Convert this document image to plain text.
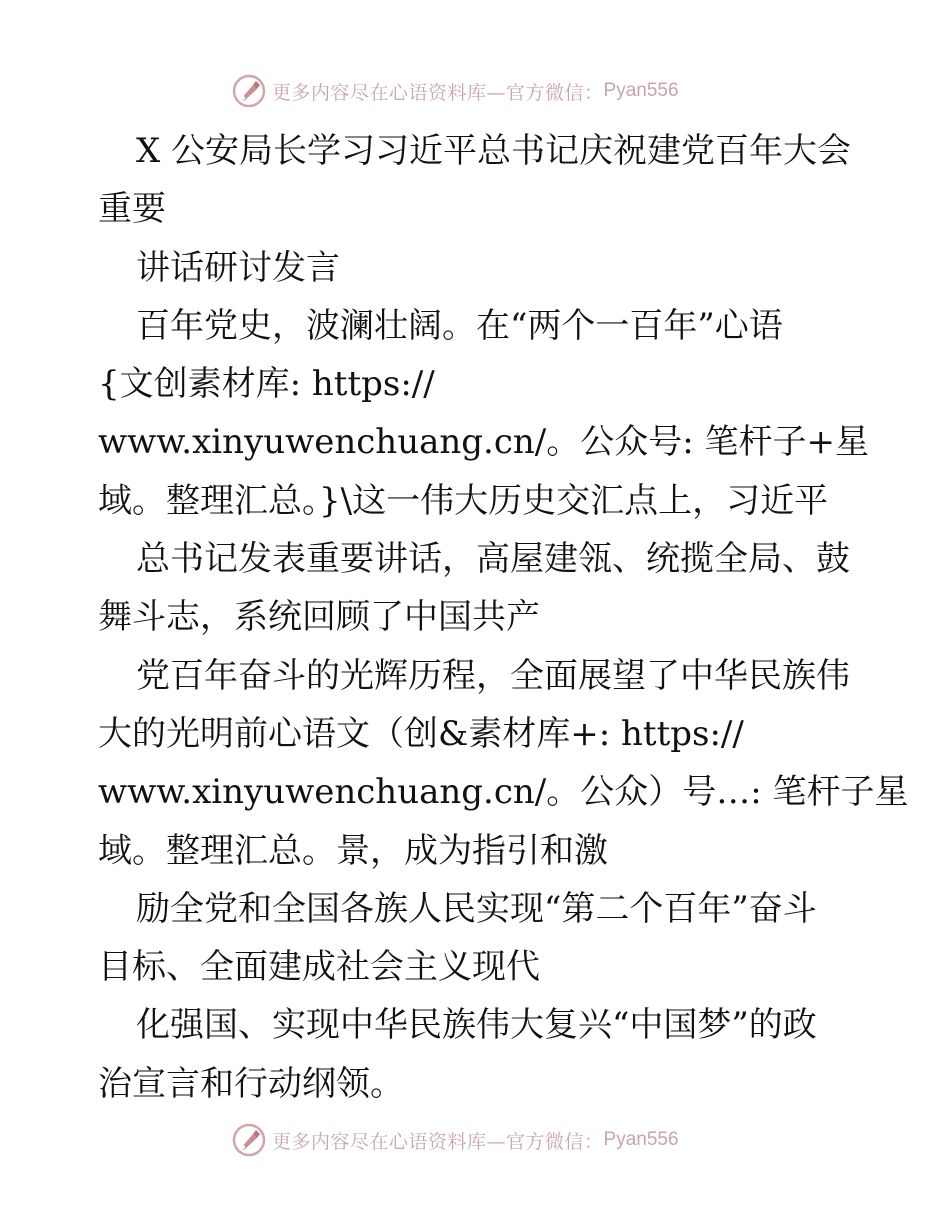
更多内容尽在心语资料库—官方微信： Pyan556
X 公安局长学习习近平总书记庆祝建党百年大会
重要
讲话研讨发言
百年党史，波澜壮阔。在“两个一百年”心语
{文创素材库: https://
www.xinyuwenchuang.cn/。公众号: 笔杆子+星
域。整理汇总。}\这一伟大历史交汇点上，习近平
总书记发表重要讲话，高屋建瓴、统揽全局、鼓
舞斗志，系统回顾了中国共产
党百年奋斗的光辉历程，全面展望了中华民族伟
大的光明前心语文（创&素材库+: https://
www.xinyuwenchuang.cn/。公众）号…: 笔杆子星
域。整理汇总。景，成为指引和激
励全党和全国各族人民实现“第二个百年”奋斗
目标、全面建成社会主义现代
化强国、实现中华民族伟大复兴“中国梦”的政
治宣言和行动纲领。
更多内容尽在心语资料库—官方微信： Pyan556
